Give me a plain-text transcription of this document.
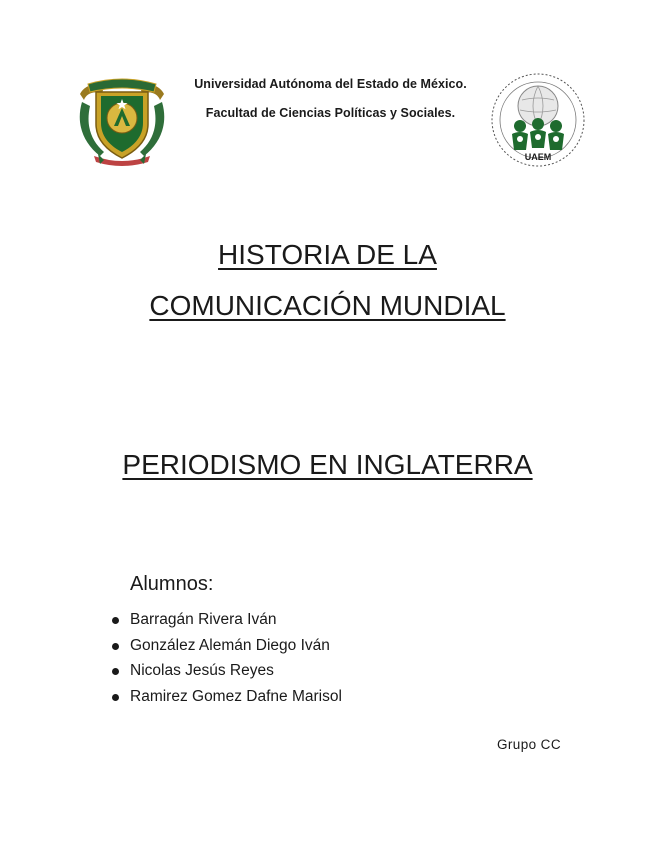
Universidad Autónoma del Estado de México.
Facultad de Ciencias Políticas y Sociales.
UAEM
HISTORIA DE LA
COMUNICACIÓN MUNDIAL
PERIODISMO EN INGLATERRA
Alumnos:
Barragán Rivera Iván
González Alemán Diego Iván
Nicolas Jesús Reyes
Ramirez Gomez Dafne Marisol
Grupo CC
